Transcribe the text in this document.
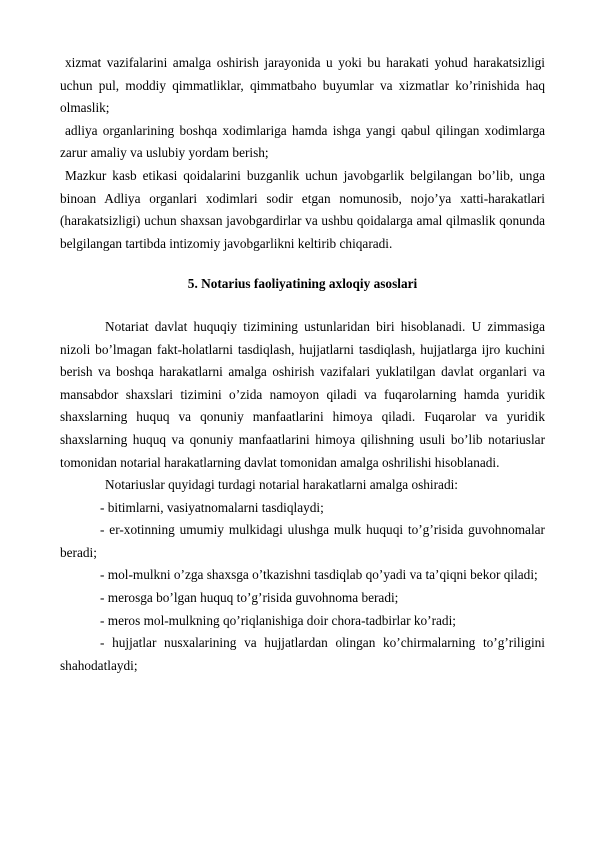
xizmat vazifalarini amalga oshirish jarayonida u yoki bu harakati yohud harakatsizligi uchun pul, moddiy qimmatliklar, qimmatbaho buyumlar va xizmatlar ko’rinishida haq olmaslik;

adliya organlarining boshqa xodimlariga hamda ishga yangi qabul qilingan xodimlarga zarur amaliy va uslubiy yordam berish;

Mazkur kasb etikasi qoidalarini buzganlik uchun javobgarlik belgilangan bo’lib, unga binoan Adliya organlari xodimlari sodir etgan nomunosib, nojo’ya xatti-harakatlari (harakatsizligi) uchun shaxsan javobgardirlar va ushbu qoidalarga amal qilmaslik qonunda belgilangan tartibda intizomiy javobgarlikni keltirib chiqaradi.

5. Notarius faoliyatining axloqiy asoslari

Notariat davlat huquqiy tizimining ustunlaridan biri hisoblanadi. U zimmasiga nizoli bo’lmagan fakt-holatlarni tasdiqlash, hujjatlarni tasdiqlash, hujjatlarga ijro kuchini berish va boshqa harakatlarni amalga oshirish vazifalari yuklatilgan davlat organlari va mansabdor shaxslari tizimini o’zida namoyon qiladi va fuqarolarning hamda yuridik shaxslarning huquq va qonuniy manfaatlarini himoya qiladi. Fuqarolar va yuridik shaxslarning huquq va qonuniy manfaatlarini himoya qilishning usuli bo’lib notariuslar tomonidan notarial harakatlarning davlat tomonidan amalga oshrilishi hisoblanadi.

Notariuslar quyidagi turdagi notarial harakatlarni amalga oshiradi:

- bitimlarni, vasiyatnomalarni tasdiqlaydi;

- er-xotinning umumiy mulkidagi ulushga mulk huquqi to’g’risida guvohnomalar beradi;

- mol-mulkni o’zga shaxsga o’tkazishni tasdiqlab qo’yadi va ta’qiqni bekor qiladi;

- merosga bo’lgan huquq to’g’risida guvohnoma beradi;

- meros mol-mulkning qo’riqlanishiga doir chora-tadbirlar ko’radi;

- hujjatlar nusxalarining va hujjatlardan olingan ko’chirmalarning to’g’riligini shahodatlaydi;
